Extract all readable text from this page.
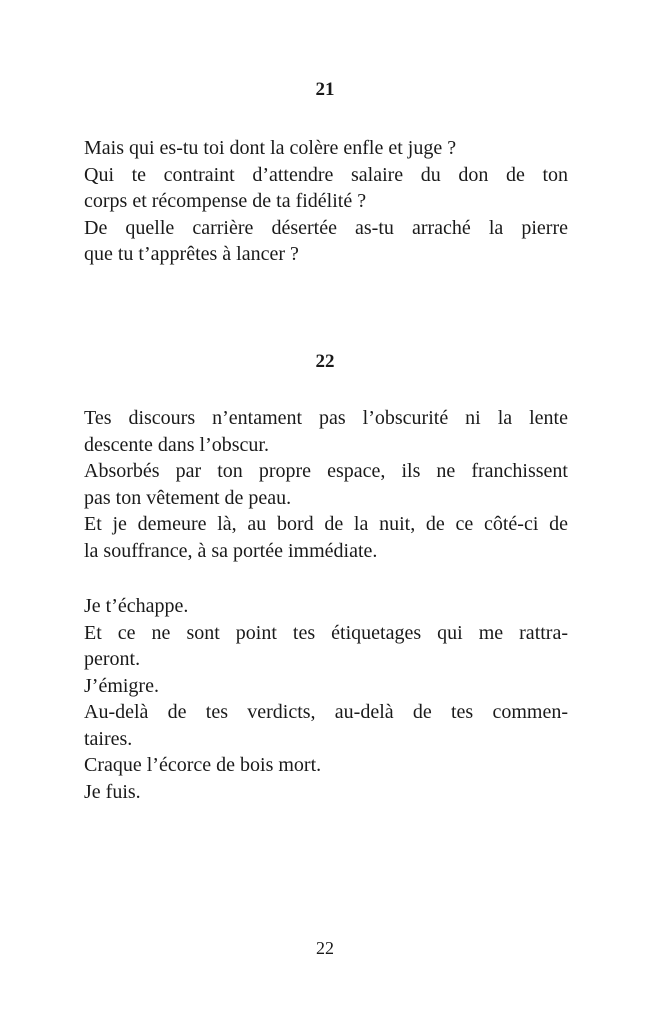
21
Mais qui es-tu toi dont la colère enfle et juge ?
Qui te contraint d’attendre salaire du don de ton
corps et récompense de ta fidélité ?
De quelle carrière désertée as-tu arraché la pierre
que tu t’apprêtes à lancer ?
22
Tes discours n’entament pas l’obscurité ni la lente
descente dans l’obscur.
Absorbés par ton propre espace, ils ne franchissent
pas ton vêtement de peau.
Et je demeure là, au bord de la nuit, de ce côté-ci de
la souffrance, à sa portée immédiate.
Je t’échappe.
Et ce ne sont point tes étiquetages qui me rattra-
peront.
J’émigre.
Au-delà de tes verdicts, au-delà de tes commen-
taires.
Craque l’écorce de bois mort.
Je fuis.
22
